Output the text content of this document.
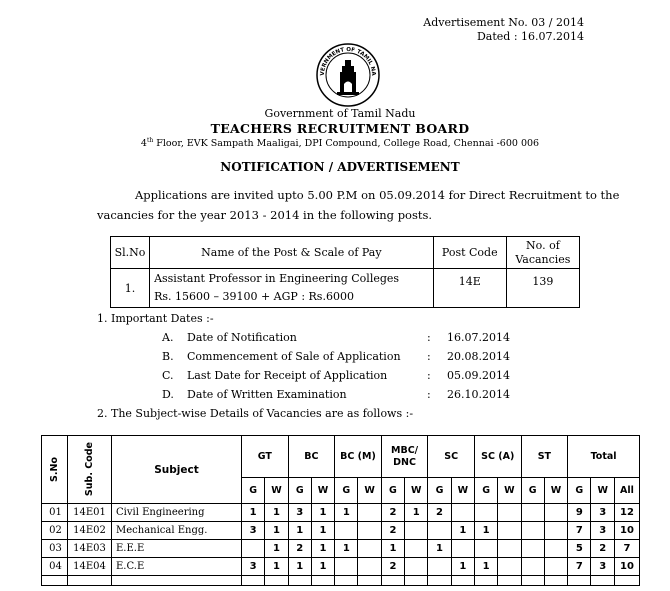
Advertisement No. 03 / 2014
Dated : 16.07.2014
VERNMENT OF TAMIL NA
Government of Tamil Nadu
TEACHERS RECRUITMENT BOARD
4th Floor, EVK Sampath Maaligai, DPI Compound, College Road, Chennai -600 006
NOTIFICATION / ADVERTISEMENT
Applications are invited upto 5.00 P.M on 05.09.2014 for Direct Recruitment to the
vacancies for the year 2013 - 2014 in the following posts.
Sl.No	Name of the Post & Scale of Pay	Post Code	No. of Vacancies
1.	Assistant Professor in Engineering Colleges
Rs. 15600 – 39100 + AGP : Rs.6000	14E	139
1. Important Dates :-
A. Date of Notification	: 16.07.2014
B. Commencement of Sale of Application : 20.08.2014
C. Last Date for Receipt of Application	: 05.09.2014
D. Date of Written Examination	: 26.10.2014
2. The Subject-wise Details of Vacancies are as follows :-
S.No	Sub. Code	Subject	GT		BC		BC (M)		MBC/ DNC		SC		SC (A)		ST		Total		
			G	W	G	W	G	W	G	W	G	W	G	W	G	W	G	W	All
01	14E01	Civil Engineering	1	1	3	1	1		2	1	2						9	3	12
02	14E02	Mechanical Engg.	3	1	1	1			2			1	1				7	3	10
03	14E03	E.E.E		1	2	1	1		1		1						5	2	7
04	14E04	E.C.E	3	1	1	1			2			1	1				7	3	10
